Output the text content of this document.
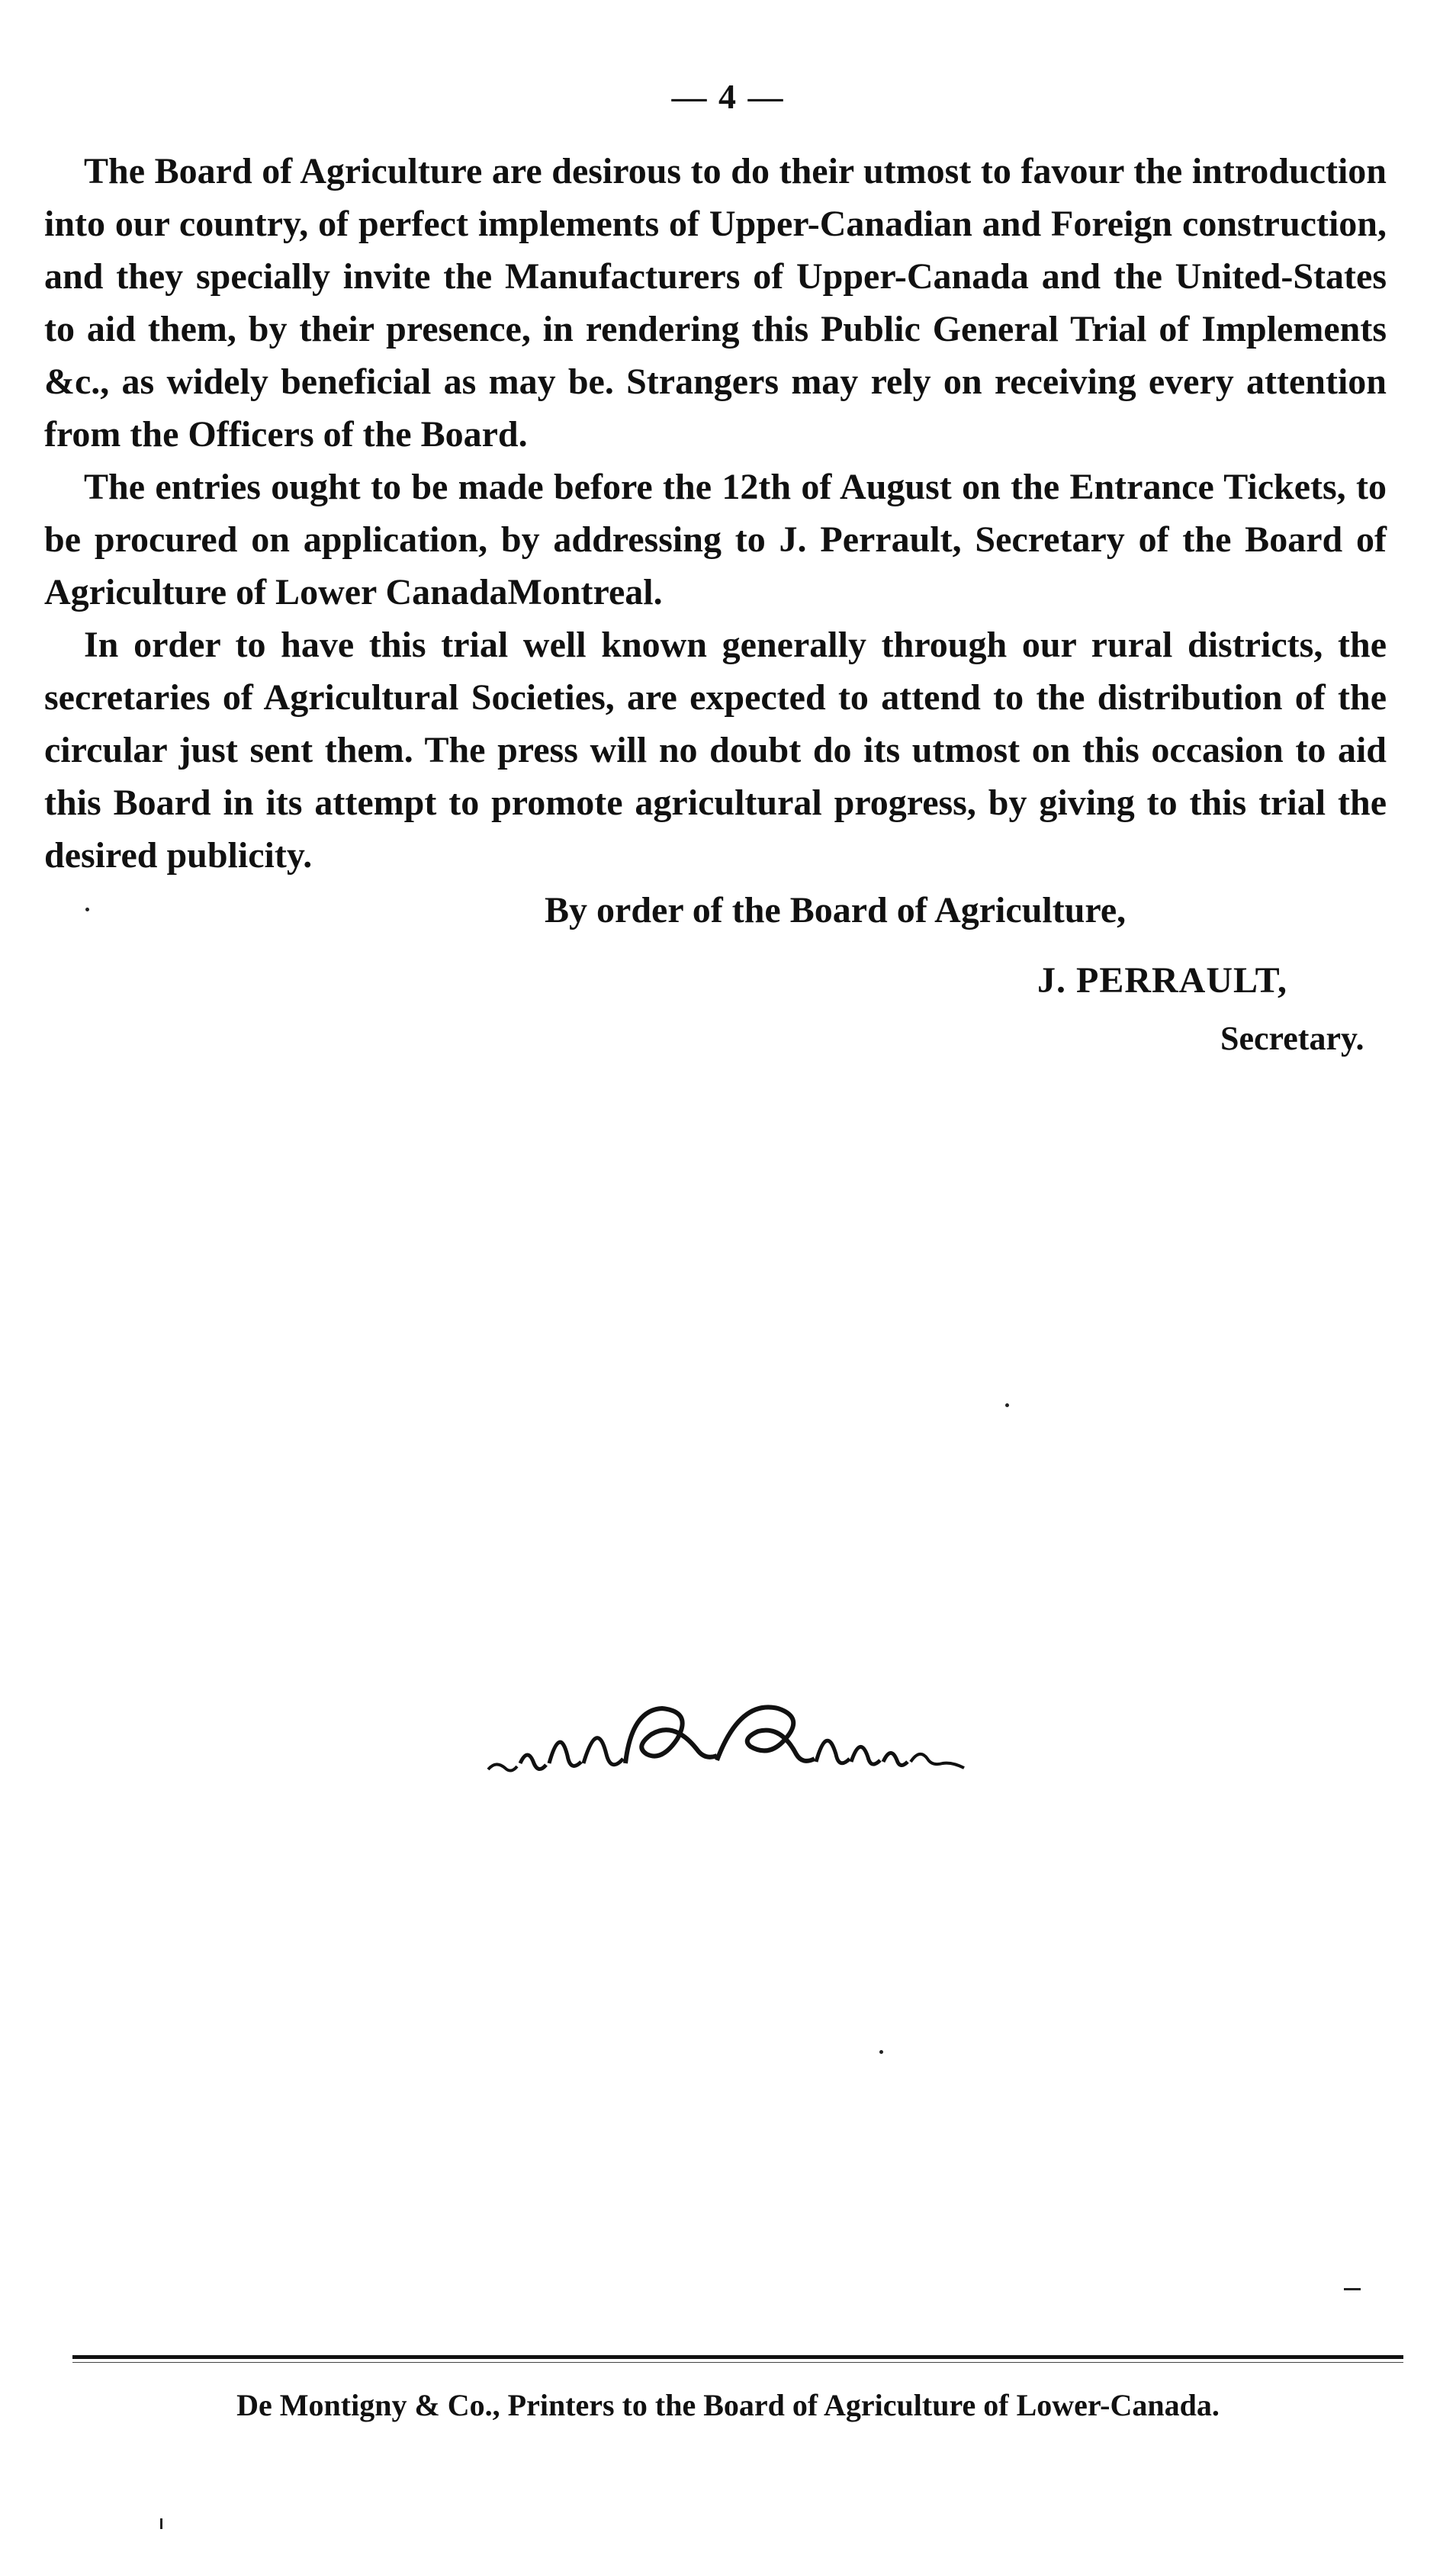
— 4 —

The Board of Agriculture are desirous to do their utmost to favour the introduction into our country, of perfect implements of Upper-Canadian and Foreign construction, and they specially invite the Manufacturers of Upper-Canada and the United-States to aid them, by their presence, in rendering this Public General Trial of Implements &c., as widely beneficial as may be. Strangers may rely on receiving every attention from the Officers of the Board.

The entries ought to be made before the 12th of August on the Entrance Tickets, to be procured on application, by addressing to J. Perrault, Secretary of the Board of Agriculture of Lower CanadaMontreal.

In order to have this trial well known generally through our rural districts, the secretaries of Agricultural Societies, are expected to attend to the distribution of the circular just sent them. The press will no doubt do its utmost on this occasion to aid this Board in its attempt to promote agricultural progress, by giving to this trial the desired publicity.

By order of the Board of Agriculture,
J. PERRAULT,
Secretary.
De Montigny & Co., Printers to the Board of Agriculture of Lower-Canada.
